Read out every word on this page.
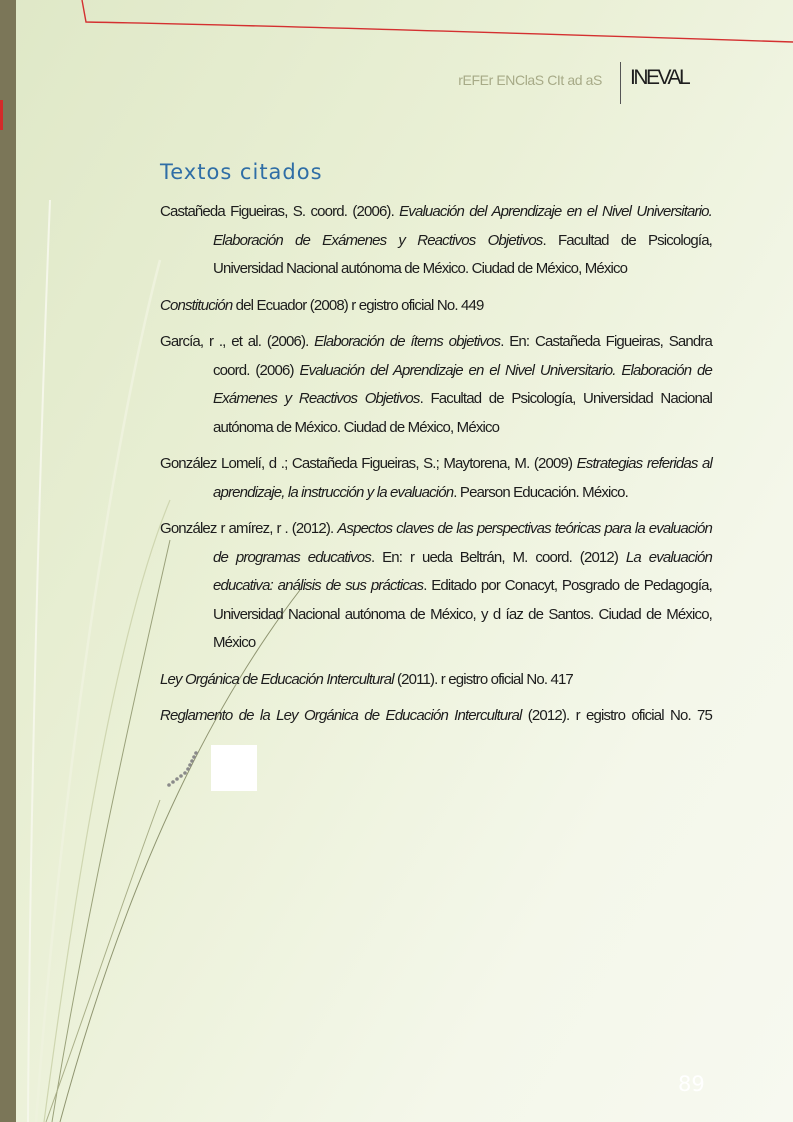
rEFEr ENClaS CIt ad aS INEVAL
Textos citados

Castañeda Figueiras, S. coord. (2006). Evaluación del Aprendizaje en el Nivel Universitario. Elaboración de Exámenes y Reactivos Objetivos. Facultad de Psicología, Universidad Nacional autónoma de México. Ciudad de México, México

Constitución del Ecuador (2008) r egistro oficial No. 449

García, r ., et al. (2006). Elaboración de ítems objetivos. En: Castañeda Figueiras, Sandra coord. (2006) Evaluación del Aprendizaje en el Nivel Universitario. Elaboración de Exámenes y Reactivos Objetivos. Facultad de Psicología, Universidad Nacional autónoma de México. Ciudad de México, México

González Lomelí, d .; Castañeda Figueiras, S.; Maytorena, M. (2009) Estrategias referidas al aprendizaje, la instrucción y la evaluación. Pearson Educación. México.

González r amírez, r . (2012). Aspectos claves de las perspectivas teóricas para la evaluación de programas educativos. En: r ueda Beltrán, M. coord. (2012) La evaluación educativa: análisis de sus prácticas. Editado por Conacyt, Posgrado de Pedagogía, Universidad Nacional autónoma de México, y d íaz de Santos. Ciudad de México, México

Ley Orgánica de Educación Intercultural (2011). r egistro oficial No. 417

Reglamento de la Ley Orgánica de Educación Intercultural (2012). r egistro oficial No. 75

89
